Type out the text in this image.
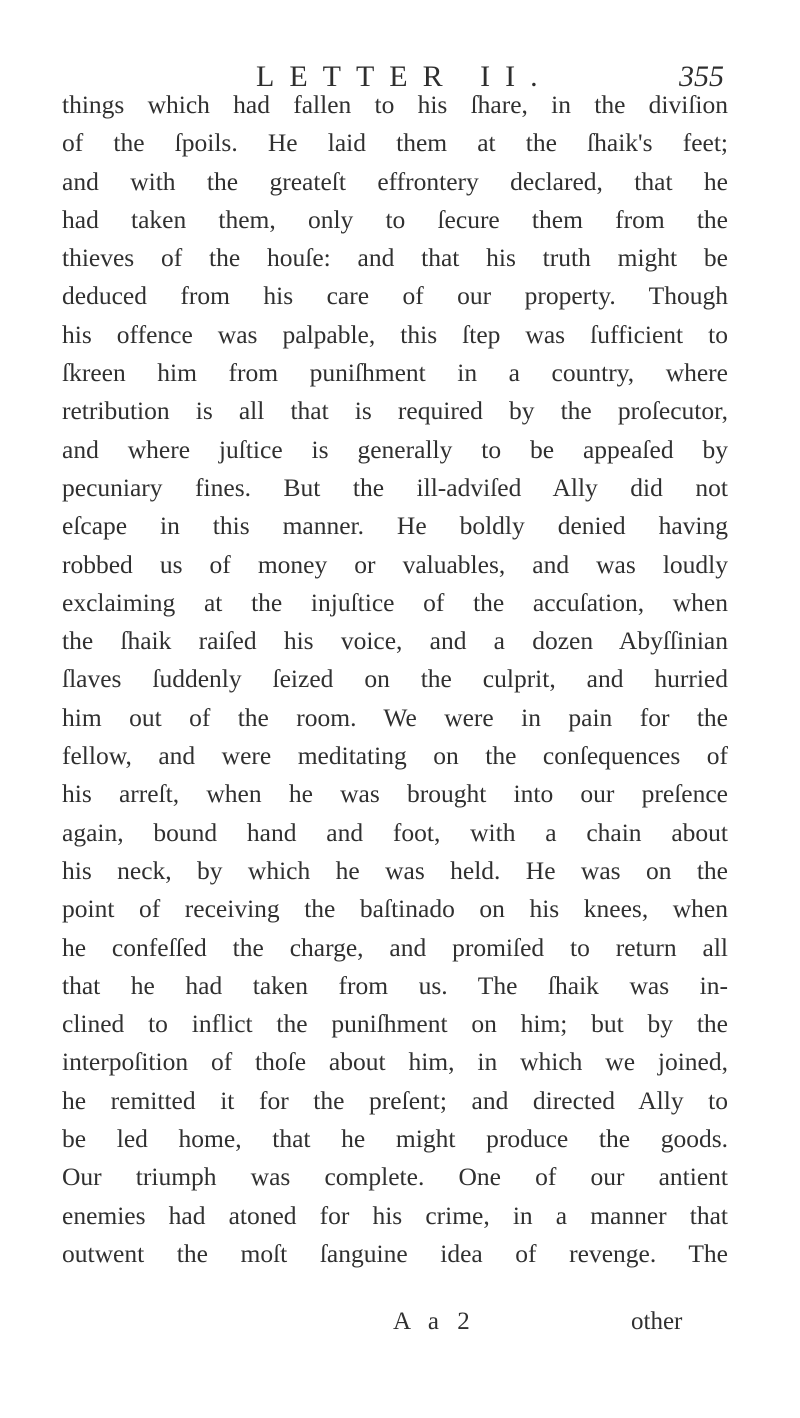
LETTER II.	355
things which had fallen to his ſhare, in the diviſion
of the ſpoils. He laid them at the ſhaik's feet;
and with the greateſt effrontery declared, that he
had taken them, only to ſecure them from the
thieves of the houſe: and that his truth might be
deduced from his care of our property. Though
his offence was palpable, this ſtep was ſufficient to
ſkreen him from puniſhment in a country, where
retribution is all that is required by the proſecutor,
and where juſtice is generally to be appeaſed by
pecuniary fines. But the ill-adviſed Ally did not
eſcape in this manner. He boldly denied having
robbed us of money or valuables, and was loudly
exclaiming at the injuſtice of the accuſation, when
the ſhaik raiſed his voice, and a dozen Abyſſinian
ſlaves ſuddenly ſeized on the culprit, and hurried
him out of the room. We were in pain for the
fellow, and were meditating on the conſequences of
his arreſt, when he was brought into our preſence
again, bound hand and foot, with a chain about
his neck, by which he was held. He was on the
point of receiving the baſtinado on his knees, when
he confeſſed the charge, and promiſed to return all
that he had taken from us. The ſhaik was in-
clined to inflict the puniſhment on him; but by the
interpoſition of thoſe about him, in which we joined,
he remitted it for the preſent; and directed Ally to
be led home, that he might produce the goods.
Our triumph was complete. One of our antient
enemies had atoned for his crime, in a manner that
outwent the moſt ſanguine idea of revenge. The
A a 2	other
